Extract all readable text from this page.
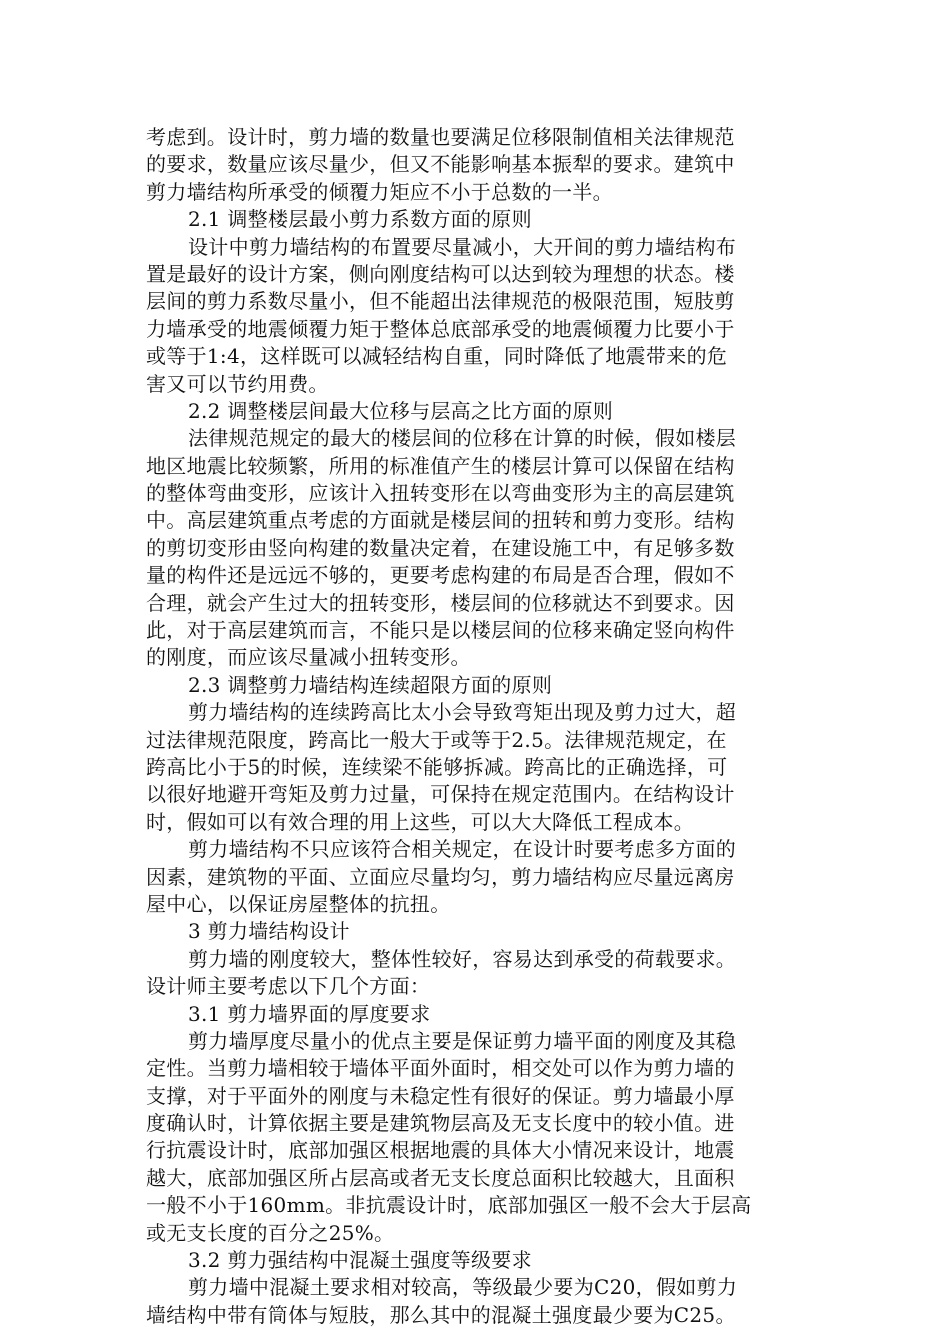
考虑到。设计时，剪力墙的数量也要满足位移限制值相关法律规范
的要求，数量应该尽量少，但又不能影响基本振犁的要求。建筑中
剪力墙结构所承受的倾覆力矩应不小于总数的一半。
2.1 调整楼层最小剪力系数方面的原则
设计中剪力墙结构的布置要尽量减小，大开间的剪力墙结构布
置是最好的设计方案，侧向刚度结构可以达到较为理想的状态。楼
层间的剪力系数尽量小，但不能超出法律规范的极限范围，短肢剪
力墙承受的地震倾覆力矩于整体总底部承受的地震倾覆力比要小于
或等于1:4，这样既可以减轻结构自重，同时降低了地震带来的危
害又可以节约用费。
2.2 调整楼层间最大位移与层高之比方面的原则
法律规范规定的最大的楼层间的位移在计算的时候，假如楼层
地区地震比较频繁，所用的标准值产生的楼层计算可以保留在结构
的整体弯曲变形，应该计入扭转变形在以弯曲变形为主的高层建筑
中。高层建筑重点考虑的方面就是楼层间的扭转和剪力变形。结构
的剪切变形由竖向构建的数量决定着，在建设施工中，有足够多数
量的构件还是远远不够的，更要考虑构建的布局是否合理，假如不
合理，就会产生过大的扭转变形，楼层间的位移就达不到要求。因
此，对于高层建筑而言，不能只是以楼层间的位移来确定竖向构件
的刚度，而应该尽量减小扭转变形。
2.3 调整剪力墙结构连续超限方面的原则
剪力墙结构的连续跨高比太小会导致弯矩出现及剪力过大，超
过法律规范限度，跨高比一般大于或等于2.5。法律规范规定，在
跨高比小于5的时候，连续梁不能够拆减。跨高比的正确选择，可
以很好地避开弯矩及剪力过量，可保持在规定范围内。在结构设计
时，假如可以有效合理的用上这些，可以大大降低工程成本。
剪力墙结构不只应该符合相关规定，在设计时要考虑多方面的
因素，建筑物的平面、立面应尽量均匀，剪力墙结构应尽量远离房
屋中心，以保证房屋整体的抗扭。
3 剪力墙结构设计
剪力墙的刚度较大，整体性较好，容易达到承受的荷载要求。
设计师主要考虑以下几个方面：
3.1 剪力墙界面的厚度要求
剪力墙厚度尽量小的优点主要是保证剪力墙平面的刚度及其稳
定性。当剪力墙相较于墙体平面外面时，相交处可以作为剪力墙的
支撑，对于平面外的刚度与未稳定性有很好的保证。剪力墙最小厚
度确认时，计算依据主要是建筑物层高及无支长度中的较小值。进
行抗震设计时，底部加强区根据地震的具体大小情况来设计，地震
越大，底部加强区所占层高或者无支长度总面积比较越大，且面积
一般不小于160mm。非抗震设计时，底部加强区一般不会大于层高
或无支长度的百分之25%。
3.2 剪力强结构中混凝土强度等级要求
剪力墙中混凝土要求相对较高，等级最少要为C20，假如剪力
墙结构中带有筒体与短肢，那么其中的混凝土强度最少要为C25。
